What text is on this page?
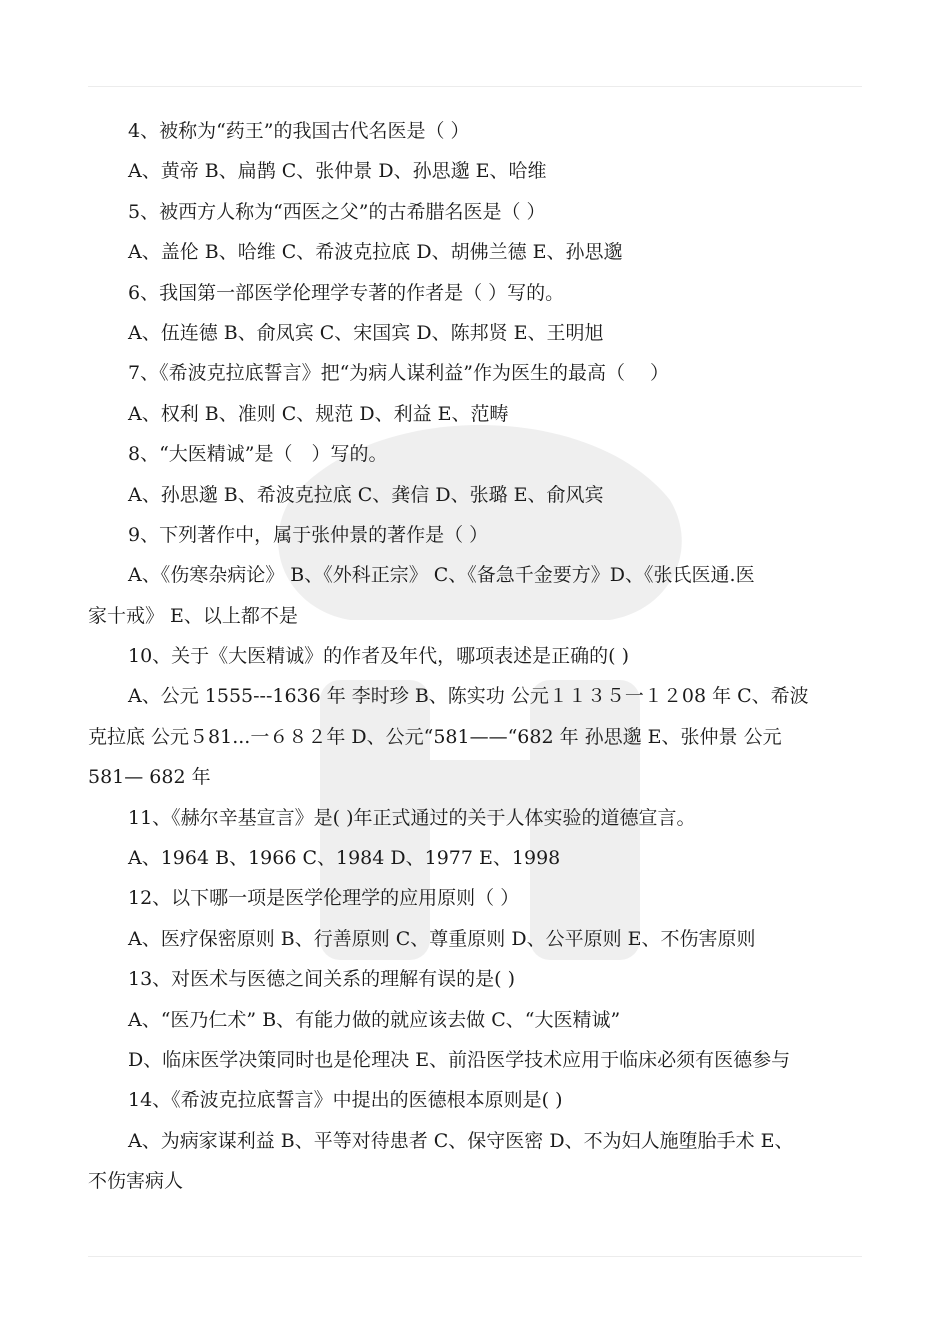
4、被称为“药王”的我国古代名医是（ ）
A、黄帝 B、扁鹊 C、张仲景 D、孙思邈 E、哈维
5、被西方人称为“西医之父”的古希腊名医是（ ）
A、盖伦 B、哈维 C、希波克拉底 D、胡佛兰德 E、孙思邈
6、我国第一部医学伦理学专著的作者是（ ）写的。
A、伍连德 B、俞凤宾 C、宋国宾 D、陈邦贤 E、王明旭
7、《希波克拉底誓言》把“为病人谋利益”作为医生的最高（　 ）
A、权利 B、准则 C、规范 D、利益 E、范畴
8、“大医精诚”是（　）写的。
A、孙思邈 B、希波克拉底 C、龚信 D、张璐 E、俞风宾
9、下列著作中，属于张仲景的著作是（ ）
A、《伤寒杂病论》 B、《外科正宗》 C、《备急千金要方》D、《张氏医通.医
家十戒》 E、以上都不是
10、关于《大医精诚》的作者及年代，哪项表述是正确的( )
A、公元 1555---1636 年 李时珍 B、陈实功 公元１１３５一１２08 年 C、希波
克拉底 公元５81...一６８２年 D、公元“581——“682 年 孙思邈 E、张仲景 公元
581— 682 年
11、《赫尔辛基宣言》是( )年正式通过的关于人体实验的道德宣言。
A、1964 B、1966 C、1984 D、1977 E、1998
12、以下哪一项是医学伦理学的应用原则（ ）
A、医疗保密原则 B、行善原则 C、尊重原则 D、公平原则 E、不伤害原则
13、对医术与医德之间关系的理解有误的是( )
A、“医乃仁术” B、有能力做的就应该去做 C、“大医精诚”
D、临床医学决策同时也是伦理决 E、前沿医学技术应用于临床必须有医德参与
14、《希波克拉底誓言》中提出的医德根本原则是( )
A、为病家谋利益 B、平等对待患者 C、保守医密 D、不为妇人施堕胎手术 E、
不伤害病人
